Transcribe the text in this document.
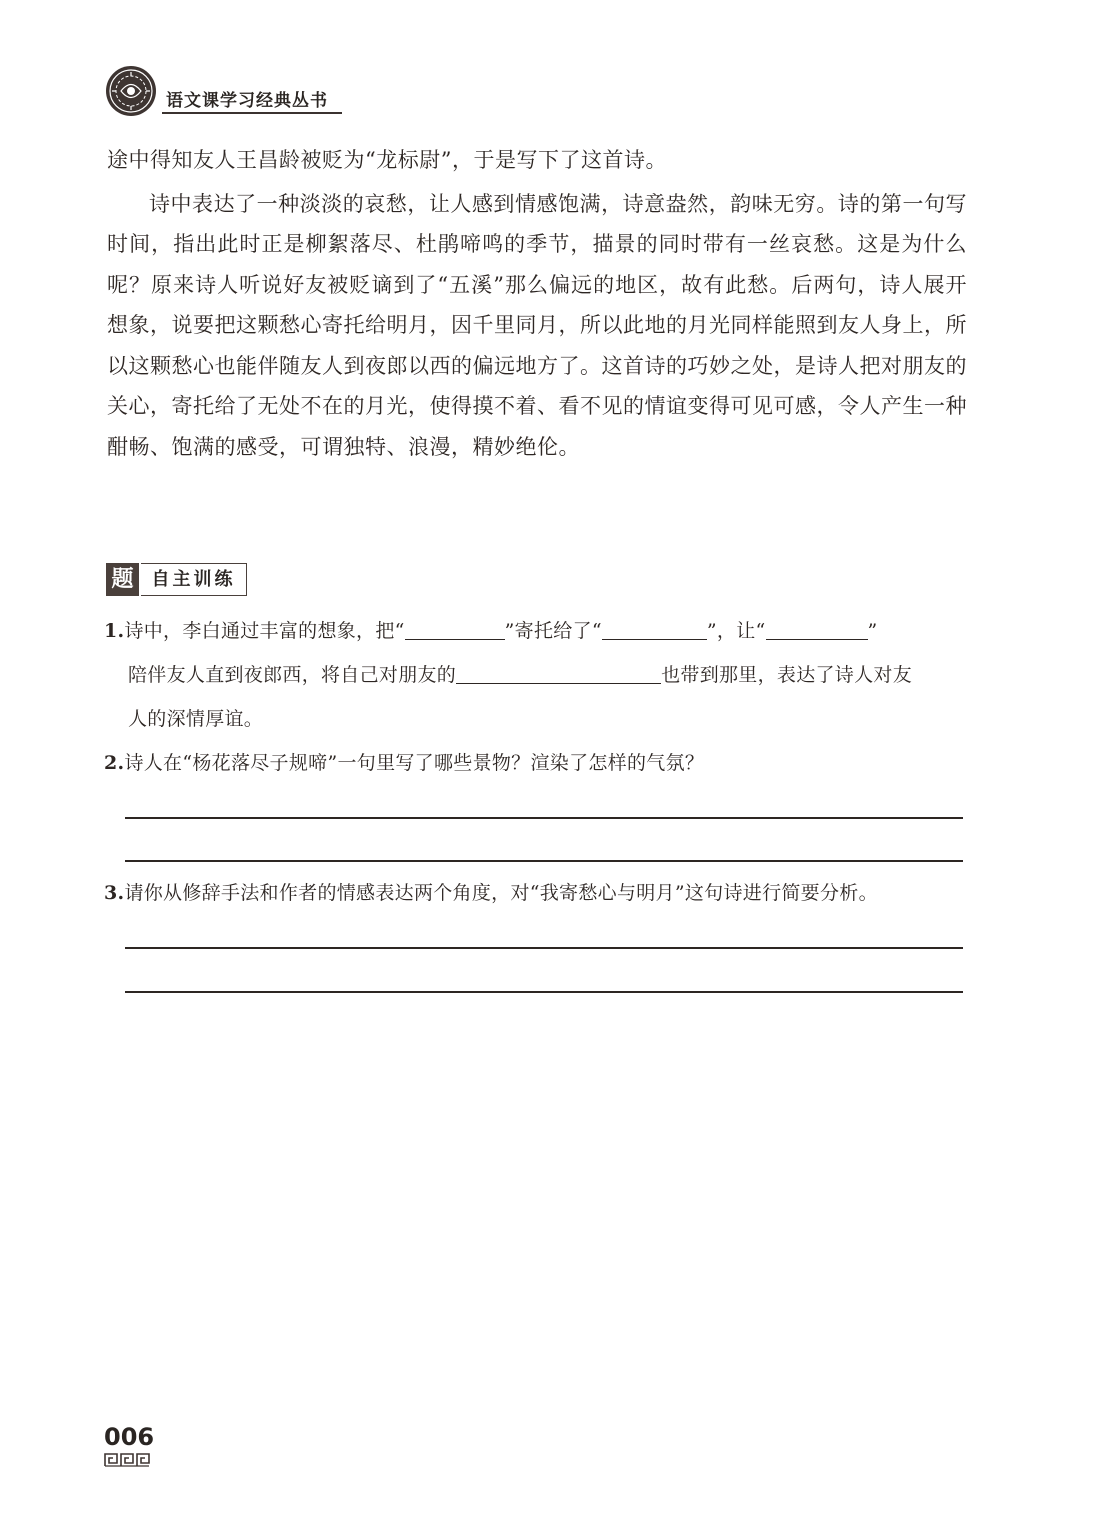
语文课学习经典丛书

途中得知友人王昌龄被贬为“龙标尉”，于是写下了这首诗。

诗中表达了一种淡淡的哀愁，让人感到情感饱满，诗意盎然，韵味无穷。诗的第一句写时间，指出此时正是柳絮落尽、杜鹃啼鸣的季节，描景的同时带有一丝哀愁。这是为什么呢？原来诗人听说好友被贬谪到了“五溪”那么偏远的地区，故有此愁。后两句，诗人展开想象，说要把这颗愁心寄托给明月，因千里同月，所以此地的月光同样能照到友人身上，所以这颗愁心也能伴随友人到夜郎以西的偏远地方了。这首诗的巧妙之处，是诗人把对朋友的关心，寄托给了无处不在的月光，使得摸不着、看不见的情谊变得可见可感，令人产生一种酣畅、饱满的感受，可谓独特、浪漫，精妙绝伦。

题	自主训练
1.诗中，李白通过丰富的想象，把“	”寄托给了“	”，让“	”
陪伴友人直到夜郎西，将自己对朋友的	也带到那里，表达了诗人对友
人的深情厚谊。
2.诗人在“杨花落尽子规啼”一句里写了哪些景物？渲染了怎样的气氛？
3.请你从修辞手法和作者的情感表达两个角度，对“我寄愁心与明月”这句诗进行简要分析。
006
